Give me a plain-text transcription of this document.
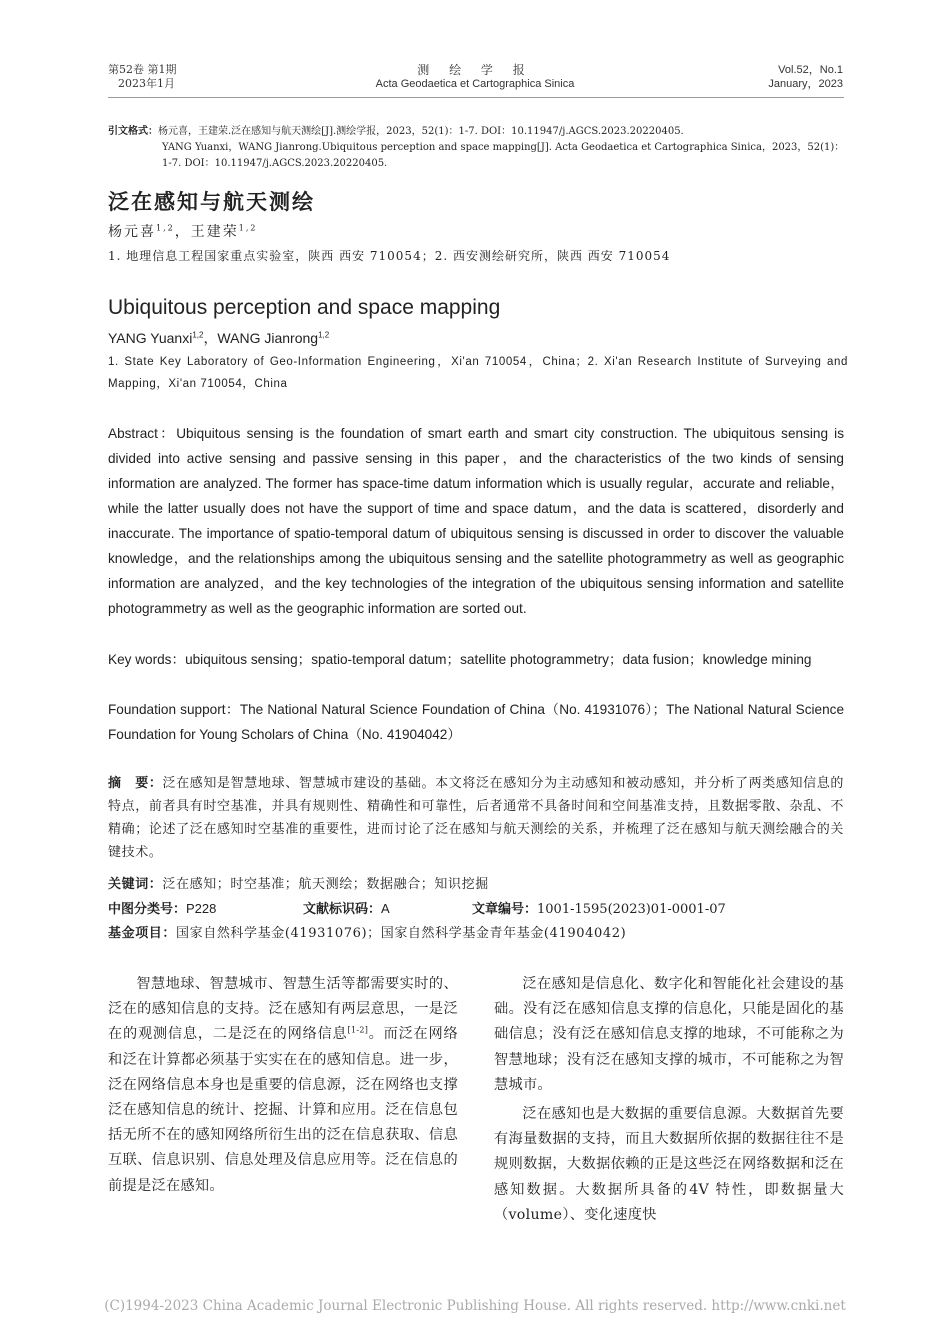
第52卷 第1期
2023年1月
测 绘 学 报
Acta Geodaetica et Cartographica Sinica
Vol.52，No.1
January，2023
引文格式：杨元喜，王建荣.泛在感知与航天测绘[J].测绘学报，2023，52(1)：1-7. DOI：10.11947/j.AGCS.2023.20220405.
YANG Yuanxi，WANG Jianrong.Ubiquitous perception and space mapping[J]. Acta Geodaetica et Cartographica Sinica，2023，52(1)：1-7. DOI：10.11947/j.AGCS.2023.20220405.
泛在感知与航天测绘
杨元喜$^{1,2}$，王建荣$^{1,2}$
1. 地理信息工程国家重点实验室，陕西 西安 710054；2. 西安测绘研究所，陕西 西安 710054
Ubiquitous perception and space mapping
YANG Yuanxi$^{1,2}$，WANG Jianrong$^{1,2}$
1. State Key Laboratory of Geo-Information Engineering，Xi'an 710054，China；2. Xi'an Research Institute of Surveying and Mapping，Xi'an 710054，China
Abstract：Ubiquitous sensing is the foundation of smart earth and smart city construction. The ubiquitous sensing is divided into active sensing and passive sensing in this paper，and the characteristics of the two kinds of sensing information are analyzed. The former has space-time datum information which is usually regular，accurate and reliable，while the latter usually does not have the support of time and space datum，and the data is scattered，disorderly and inaccurate. The importance of spatio-temporal datum of ubiquitous sensing is discussed in order to discover the valuable knowledge，and the relationships among the ubiquitous sensing and the satellite photogrammetry as well as geographic information are analyzed，and the key technologies of the integration of the ubiquitous sensing information and satellite photogrammetry as well as the geographic information are sorted out.
Key words：ubiquitous sensing；spatio-temporal datum；satellite photogrammetry；data fusion；knowledge mining
Foundation support：The National Natural Science Foundation of China（No. 41931076）；The National Natural Science Foundation for Young Scholars of China（No. 41904042）
摘　要：泛在感知是智慧地球、智慧城市建设的基础。本文将泛在感知分为主动感知和被动感知，并分析了两类感知信息的特点，前者具有时空基准，并具有规则性、精确性和可靠性，后者通常不具备时间和空间基准支持，且数据零散、杂乱、不精确；论述了泛在感知时空基准的重要性，进而讨论了泛在感知与航天测绘的关系，并梳理了泛在感知与航天测绘融合的关键技术。
关键词：泛在感知；时空基准；航天测绘；数据融合；知识挖掘
中图分类号：P228	文献标识码：A	文章编号：1001-1595(2023)01-0001-07
基金项目：国家自然科学基金(41931076)；国家自然科学基金青年基金(41904042)

智慧地球、智慧城市、智慧生活等都需要实时的、泛在的感知信息的支持。泛在感知有两层意思，一是泛在的观测信息，二是泛在的网络信息[1-2]。而泛在网络和泛在计算都必须基于实实在在的感知信息。进一步，泛在网络信息本身也是重要的信息源，泛在网络也支撑泛在感知信息的统计、挖掘、计算和应用。泛在信息包括无所不在的感知网络所衍生出的泛在信息获取、信息互联、信息识别、信息处理及信息应用等。泛在信息的前提是泛在感知。

泛在感知是信息化、数字化和智能化社会建设的基础。没有泛在感知信息支撑的信息化，只能是固化的基础信息；没有泛在感知信息支撑的地球，不可能称之为智慧地球；没有泛在感知支撑的城市，不可能称之为智慧城市。

泛在感知也是大数据的重要信息源。大数据首先要有海量数据的支持，而且大数据所依据的数据往往不是规则数据，大数据依赖的正是这些泛在网络数据和泛在感知数据。大数据所具备的4V 特性，即数据量大（volume）、变化速度快

(C)1994-2023 China Academic Journal Electronic Publishing House. All rights reserved. http://www.cnki.net
